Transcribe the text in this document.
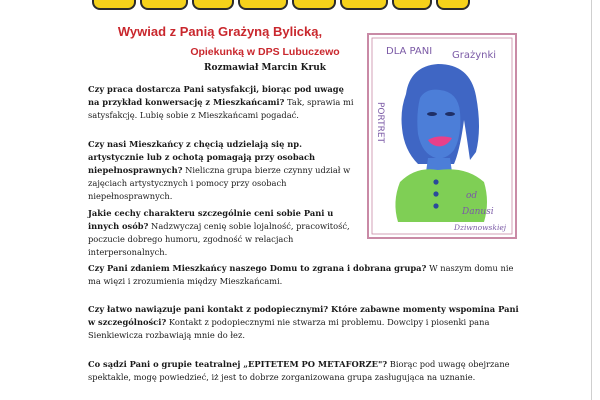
Wywiad z Panią Grażyną Bylicką,
Opiekunką w DPS Lubuczewo

Rozmawiał Marcin Kruk

Czy praca dostarcza Pani satysfakcji, biorąc pod uwagę na przykład konwersację z Mieszkańcami? Tak, sprawia mi satysfakcję. Lubię sobie z Mieszkańcami pogadać.
Czy nasi Mieszkańcy z chęcią udzielają się np. artystycznie lub z ochotą pomagają przy osobach niepełnosprawnych? Nieliczna grupa bierze czynny udział w zajęciach artystycznych i pomocy przy osobach niepełnosprawnych.
Jakie cechy charakteru szczególnie ceni sobie Pani u innych osób? Nadzwyczaj cenię sobie lojalność, pracowitość, poczucie dobrego humoru, zgodność w relacjach interpersonalnych.
Czy Pani zdaniem Mieszkańcy naszego Domu to zgrana i dobrana grupa? W naszym domu nie ma więzi i zrozumienia między Mieszkańcami.
Czy łatwo nawiązuje pani kontakt z podopiecznymi? Które zabawne momenty wspomina Pani w szczególności? Kontakt z podopiecznymi nie stwarza mi problemu. Dowcipy i piosenki pana Sienkiewicza rozbawiają mnie do łez.
Co sądzi Pani o grupie teatralnej „EPITETEM PO METAFORZE"? Biorąc pod uwagę obejrzane spektakle, mogę powiedzieć, iż jest to dobrze zorganizowana grupa zasługująca na uznanie.
DLA PANI Grażynki
PORTRET
od
Danusi
Dziwnowskiej
